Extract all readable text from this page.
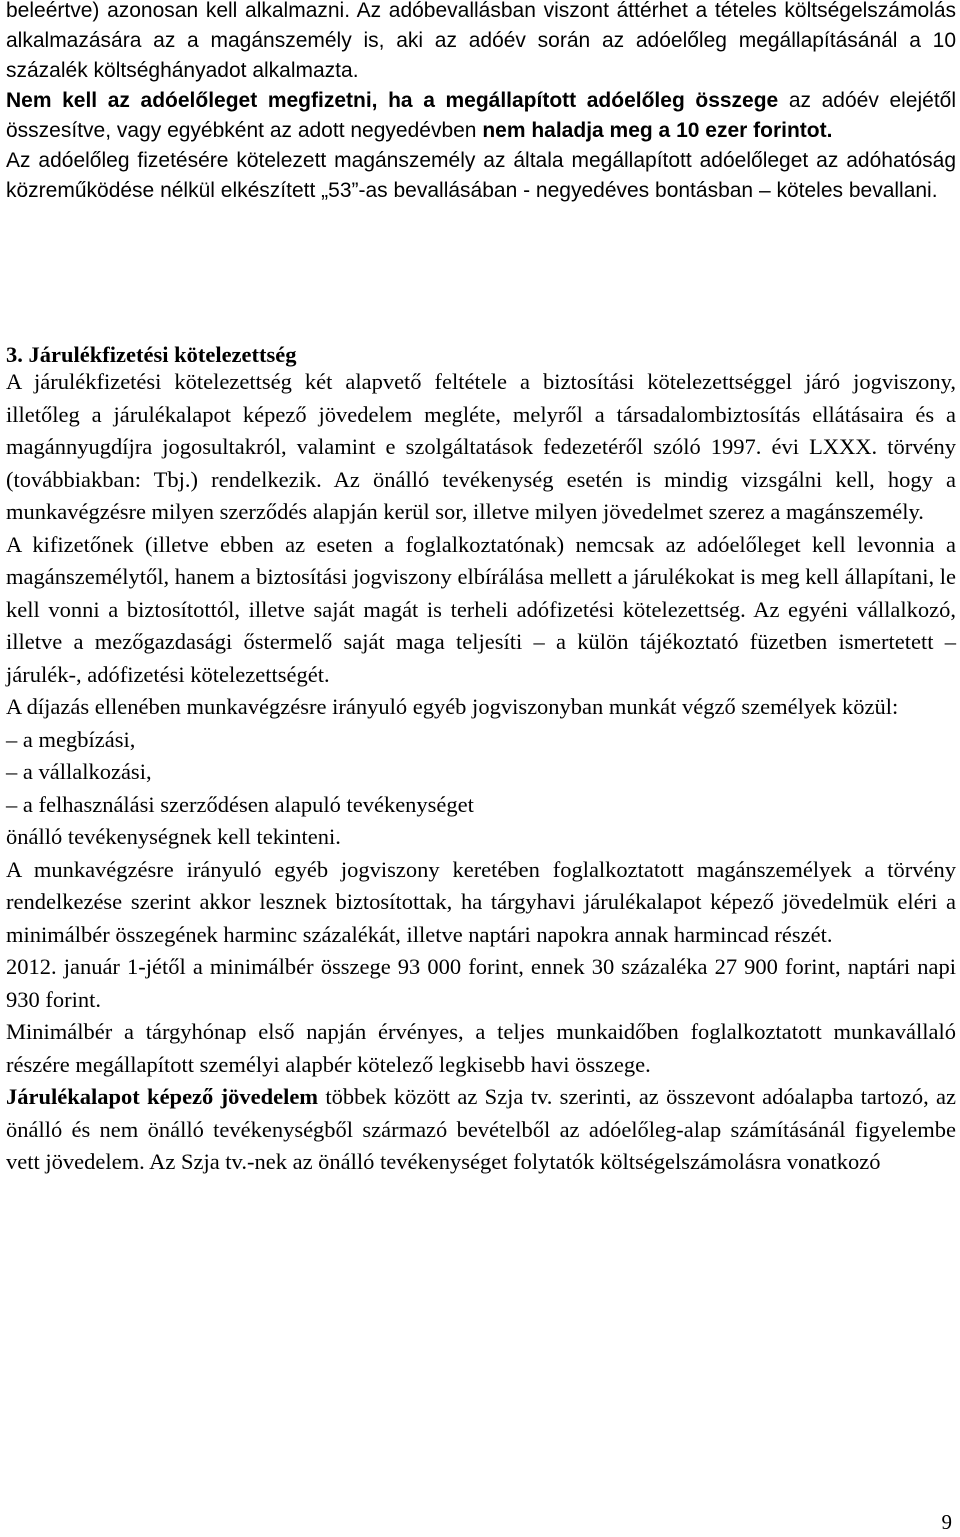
beleértve) azonosan kell alkalmazni. Az adóbevallásban viszont áttérhet a tételes költségelszámolás alkalmazására az a magánszemély is, aki az adóév során az adóelőleg megállapításánál a 10 százalék költséghányadot alkalmazta.

Nem kell az adóelőleget megfizetni, ha a megállapított adóelőleg összege az adóév elejétől összesítve, vagy egyébként az adott negyedévben nem haladja meg a 10 ezer forintot.

Az adóelőleg fizetésére kötelezett magánszemély az általa megállapított adóelőleget az adóhatóság közreműködése nélkül elkészített „53”-as bevallásában - negyedéves bontásban – köteles bevallani.

3. Járulékfizetési kötelezettség

A járulékfizetési kötelezettség két alapvető feltétele a biztosítási kötelezettséggel járó jogviszony, illetőleg a járulékalapot képező jövedelem megléte, melyről a társadalombiztosítás ellátásaira és a magánnyugdíjra jogosultakról, valamint e szolgáltatások fedezetéről szóló 1997. évi LXXX. törvény (továbbiakban: Tbj.) rendelkezik. Az önálló tevékenység esetén is mindig vizsgálni kell, hogy a munkavégzésre milyen szerződés alapján kerül sor, illetve milyen jövedelmet szerez a magánszemély.

A kifizetőnek (illetve ebben az eseten a foglalkoztatónak) nemcsak az adóelőleget kell levonnia a magánszemélytől, hanem a biztosítási jogviszony elbírálása mellett a járulékokat is meg kell állapítani, le kell vonni a biztosítottól, illetve saját magát is terheli adófizetési kötelezettség. Az egyéni vállalkozó, illetve a mezőgazdasági őstermelő saját maga teljesíti – a külön tájékoztató füzetben ismertetett – járulék-, adófizetési kötelezettségét.

A díjazás ellenében munkavégzésre irányuló egyéb jogviszonyban munkát végző személyek közül:

– a megbízási,

– a vállalkozási,

– a felhasználási szerződésen alapuló tevékenységet

önálló tevékenységnek kell tekinteni.

A munkavégzésre irányuló egyéb jogviszony keretében foglalkoztatott magánszemélyek a törvény rendelkezése szerint akkor lesznek biztosítottak, ha tárgyhavi járulékalapot képező jövedelmük eléri a minimálbér összegének harminc százalékát, illetve naptári napokra annak harmincad részét.

2012. január 1-jétől a minimálbér összege 93 000 forint, ennek 30 százaléka 27 900 forint, naptári napi 930 forint.

Minimálbér a tárgyhónap első napján érvényes, a teljes munkaidőben foglalkoztatott munkavállaló részére megállapított személyi alapbér kötelező legkisebb havi összege.

Járulékalapot képező jövedelem többek között az Szja tv. szerinti, az összevont adóalapba tartozó, az önálló és nem önálló tevékenységből származó bevételből az adóelőleg-alap számításánál figyelembe vett jövedelem. Az Szja tv.-nek az önálló tevékenységet folytatók költségelszámolásra vonatkozó

9
